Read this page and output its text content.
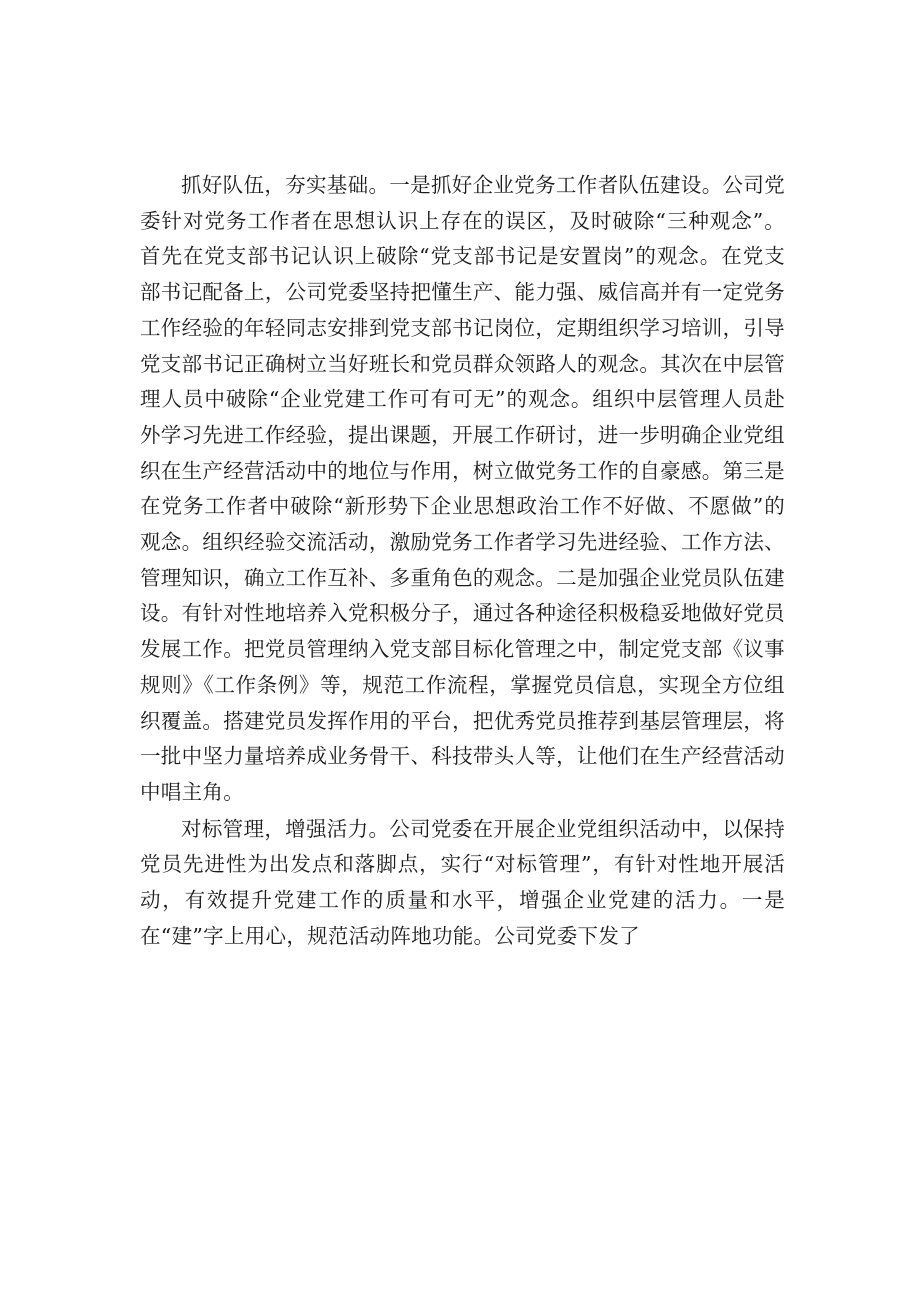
抓好队伍，夯实基础。一是抓好企业党务工作者队伍建设。公司党委针对党务工作者在思想认识上存在的误区，及时破除“三种观念”。首先在党支部书记认识上破除“党支部书记是安置岗”的观念。在党支部书记配备上，公司党委坚持把懂生产、能力强、威信高并有一定党务工作经验的年轻同志安排到党支部书记岗位，定期组织学习培训，引导党支部书记正确树立当好班长和党员群众领路人的观念。其次在中层管理人员中破除“企业党建工作可有可无”的观念。组织中层管理人员赴外学习先进工作经验，提出课题，开展工作研讨，进一步明确企业党组织在生产经营活动中的地位与作用，树立做党务工作的自豪感。第三是在党务工作者中破除“新形势下企业思想政治工作不好做、不愿做”的观念。组织经验交流活动，激励党务工作者学习先进经验、工作方法、管理知识，确立工作互补、多重角色的观念。二是加强企业党员队伍建设。有针对性地培养入党积极分子，通过各种途径积极稳妥地做好党员发展工作。把党员管理纳入党支部目标化管理之中，制定党支部《议事规则》《工作条例》等，规范工作流程，掌握党员信息，实现全方位组织覆盖。搭建党员发挥作用的平台，把优秀党员推荐到基层管理层，将一批中坚力量培养成业务骨干、科技带头人等，让他们在生产经营活动中唱主角。

对标管理，增强活力。公司党委在开展企业党组织活动中，以保持党员先进性为出发点和落脚点，实行“对标管理”，有针对性地开展活动，有效提升党建工作的质量和水平，增强企业党建的活力。一是在“建”字上用心，规范活动阵地功能。公司党委下发了
